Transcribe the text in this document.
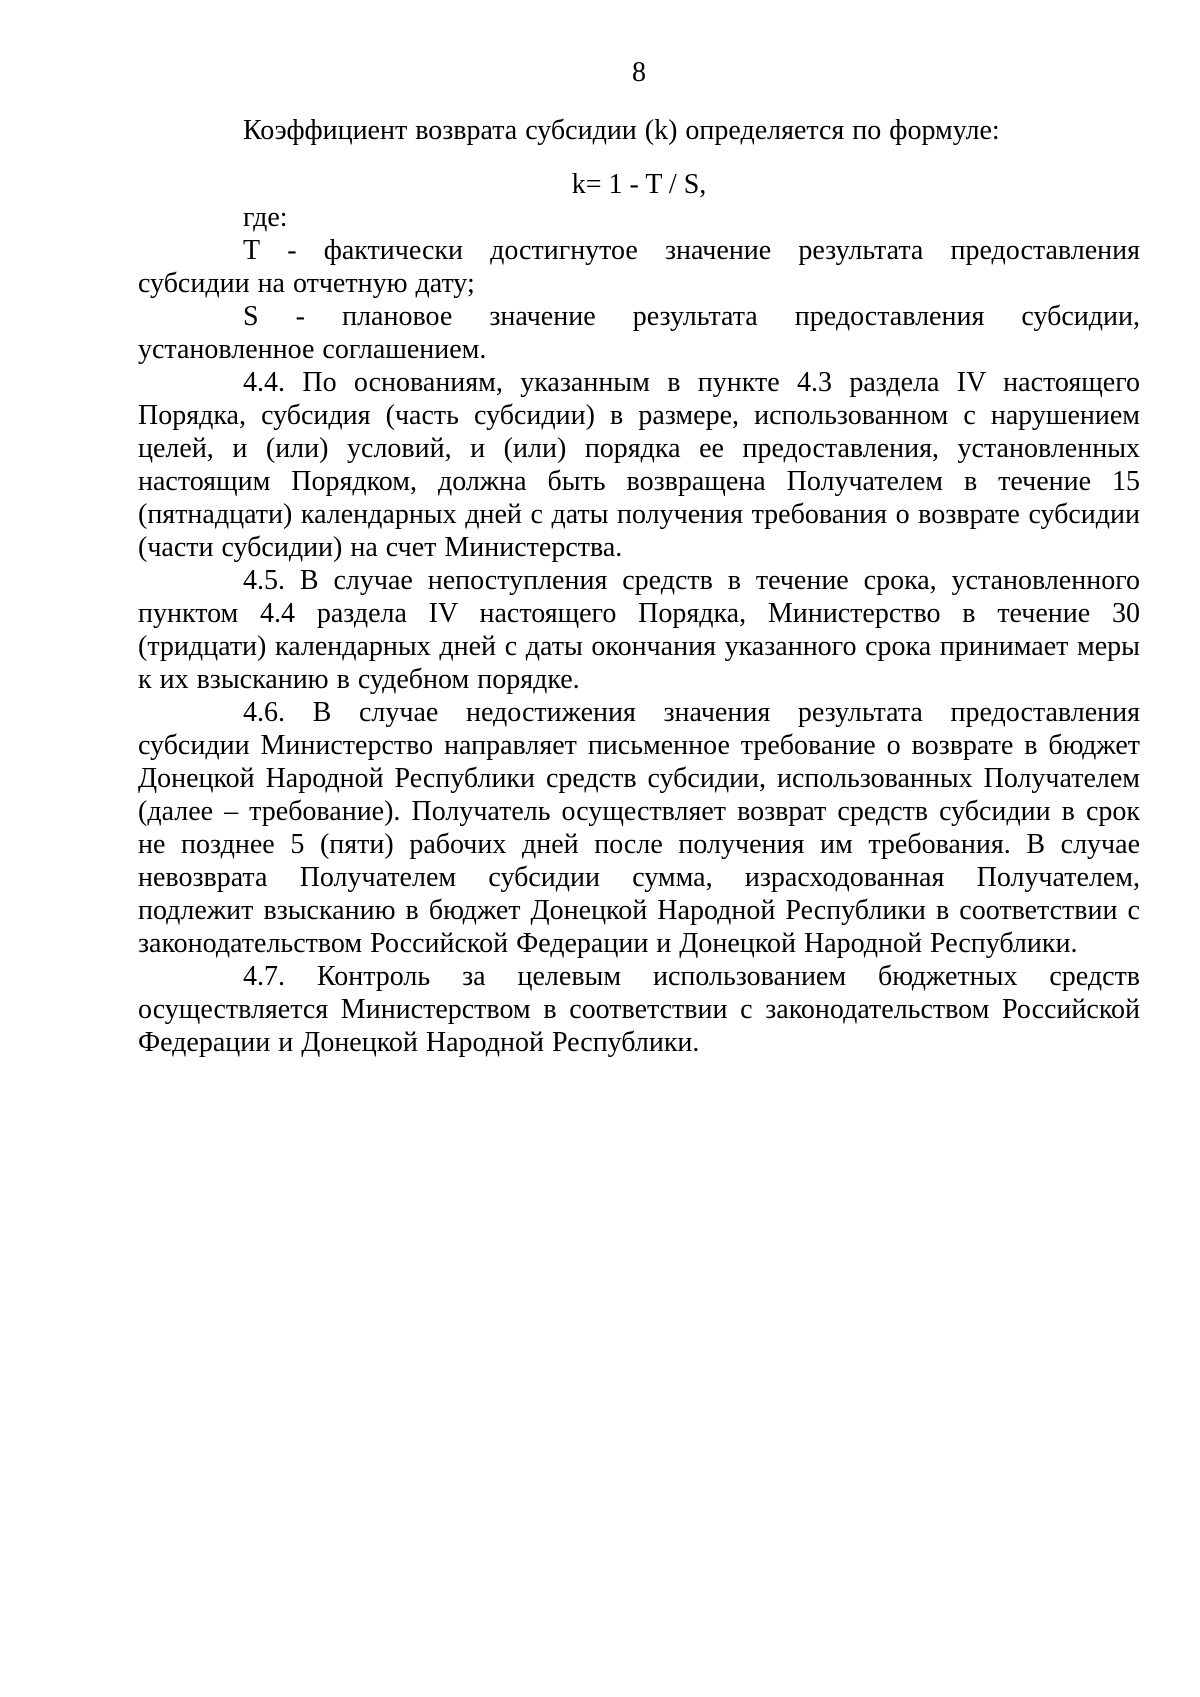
8

Коэффициент возврата субсидии (k) определяется по формуле:

k= 1 - T / S,

где:

Т - фактически достигнутое значение результата предоставления субсидии на отчетную дату;

S - плановое значение результата предоставления субсидии, установленное соглашением.

4.4. По основаниям, указанным в пункте 4.3 раздела IV настоящего Порядка, субсидия (часть субсидии) в размере, использованном с нарушением целей, и (или) условий, и (или) порядка ее предоставления, установленных настоящим Порядком, должна быть возвращена Получателем в течение 15 (пятнадцати) календарных дней с даты получения требования о возврате субсидии (части субсидии) на счет Министерства.

4.5. В случае непоступления средств в течение срока, установленного пунктом 4.4 раздела IV настоящего Порядка, Министерство в течение 30 (тридцати) календарных дней с даты окончания указанного срока принимает меры к их взысканию в судебном порядке.

4.6. В случае недостижения значения результата предоставления субсидии Министерство направляет письменное требование о возврате в бюджет Донецкой Народной Республики средств субсидии, использованных Получателем (далее – требование). Получатель осуществляет возврат средств субсидии в срок не позднее 5 (пяти) рабочих дней после получения им требования. В случае невозврата Получателем субсидии сумма, израсходованная Получателем, подлежит взысканию в бюджет Донецкой Народной Республики в соответствии с законодательством Российской Федерации и Донецкой Народной Республики.

4.7. Контроль за целевым использованием бюджетных средств осуществляется Министерством в соответствии с законодательством Российской Федерации и Донецкой Народной Республики.
